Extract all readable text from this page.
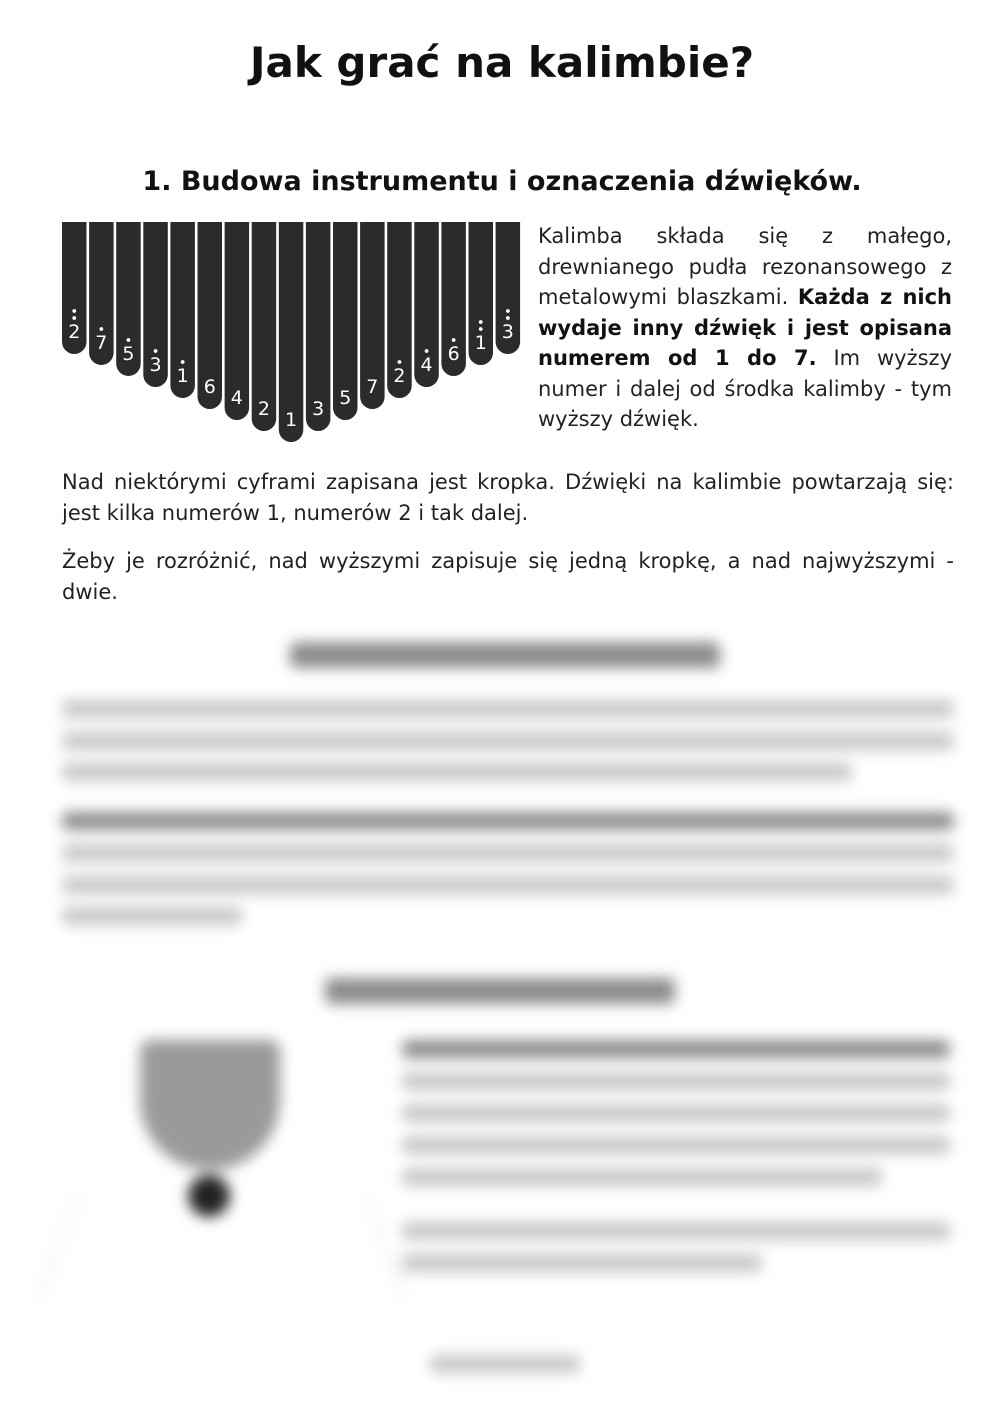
Jak grać na kalimbie?
1. Budowa instrumentu i oznaczenia dźwięków.
2 7 5 3 1 6 4 2 1 3 5 7 2 4 6 1 3

Kalimba składa się z małego, drewnianego pudła rezonansowego z metalowymi blaszkami. Każda z nich wydaje inny dźwięk i jest opisana numerem od 1 do 7. Im wyższy numer i dalej od środka kalimby - tym wyższy dźwięk.

Nad niektórymi cyframi zapisana jest kropka. Dźwięki na kalimbie powtarzają się: jest kilka numerów 1, numerów 2 i tak dalej.

Żeby je rozróżnić, nad wyższymi zapisuje się jedną kropkę, a nad najwyższymi - dwie.
